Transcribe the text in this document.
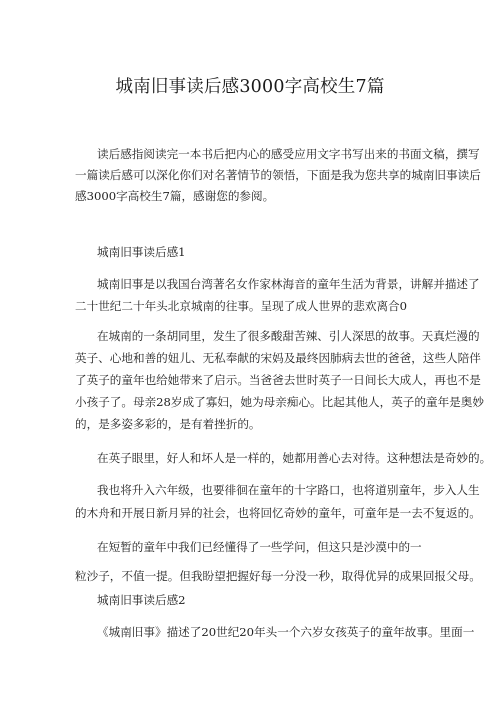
城南旧事读后感3000字高校生7篇
读后感指阅读完一本书后把内心的感受应用文字书写出来的书面文稿，撰写
一篇读后感可以深化你们对名著情节的领悟，下面是我为您共享的城南旧事读后
感3000字高校生7篇，感谢您的参阅。
城南旧事读后感1
城南旧事是以我国台湾著名女作家林海音的童年生活为背景，讲解并描述了
二十世纪二十年头北京城南的往事。呈现了成人世界的悲欢离合0
在城南的一条胡同里，发生了很多酸甜苦辣、引人深思的故事。天真烂漫的
英子、心地和善的妞儿、无私奉献的宋妈及最终因肺病去世的爸爸，这些人陪伴
了英子的童年也给她带来了启示。当爸爸去世时英子一日间长大成人，再也不是
小孩子了。母亲28岁成了寡妇，她为母亲痴心。比起其他人，英子的童年是奥妙
的，是多姿多彩的，是有着挫折的。
在英子眼里，好人和坏人是一样的，她都用善心去对待。这种想法是奇妙的。
我也将升入六年级，也要徘徊在童年的十字路口，也将道别童年，步入人生
的木舟和开展日新月异的社会，也将回忆奇妙的童年，可童年是一去不复返的。
在短暂的童年中我们已经懂得了一些学问，但这只是沙漠中的一
粒沙子，不值一提。但我盼望把握好每一分没一秒，取得优异的成果回报父母。
城南旧事读后感2
《城南旧事》描述了20世纪20年头一个六岁女孩英子的童年故事。里面一
